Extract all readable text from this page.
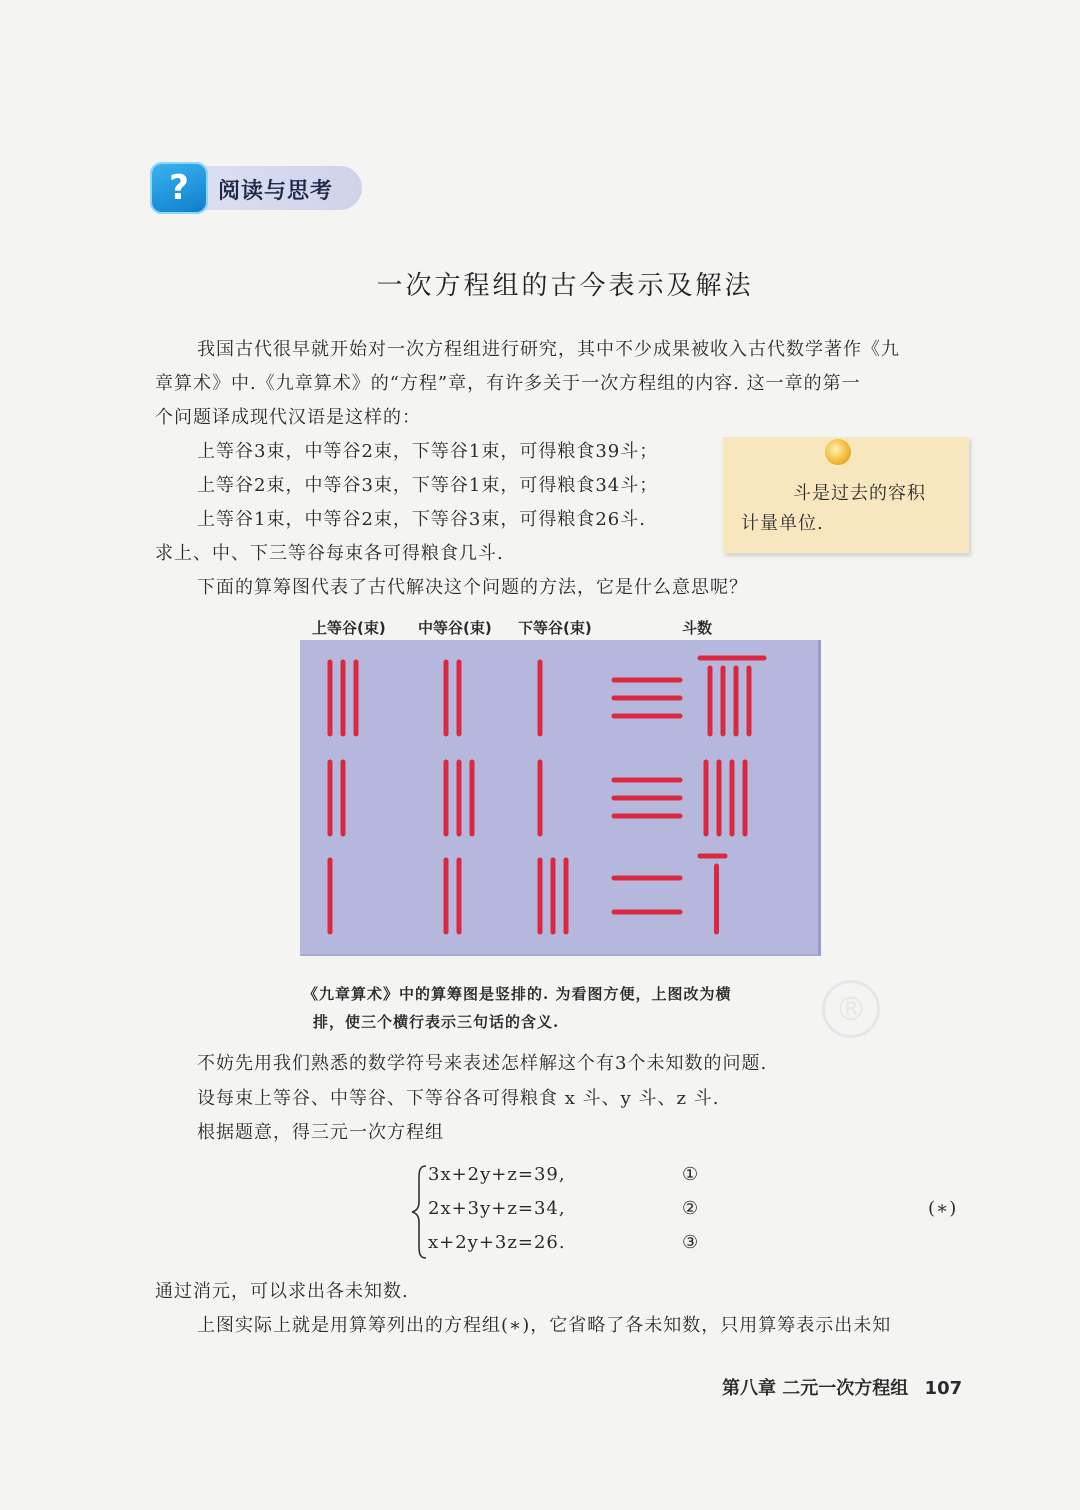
阅读与思考
?
一次方程组的古今表示及解法
我国古代很早就开始对一次方程组进行研究，其中不少成果被收入古代数学著作《九
章算术》中.《九章算术》的“方程”章，有许多关于一次方程组的内容. 这一章的第一
个问题译成现代汉语是这样的：
上等谷3束，中等谷2束，下等谷1束，可得粮食39斗；
上等谷2束，中等谷3束，下等谷1束，可得粮食34斗；
上等谷1束，中等谷2束，下等谷3束，可得粮食26斗.
求上、中、下三等谷每束各可得粮食几斗.
斗是过去的容积
计量单位.
下面的算筹图代表了古代解决这个问题的方法，它是什么意思呢？
上等谷(束) 中等谷(束) 下等谷(束)	斗数
®
《九章算术》中的算筹图是竖排的. 为看图方便，上图改为横
排，使三个横行表示三句话的含义.
不妨先用我们熟悉的数学符号来表述怎样解这个有3个未知数的问题.
设每束上等谷、中等谷、下等谷各可得粮食 x 斗、y 斗、z 斗.
根据题意，得三元一次方程组
3x+2y+z=39,
2x+3y+z=34,
x+2y+3z=26.
①
②
③
(∗)
通过消元，可以求出各未知数.
上图实际上就是用算筹列出的方程组(∗)，它省略了各未知数，只用算筹表示出未知
第八章 二元一次方程组 107
